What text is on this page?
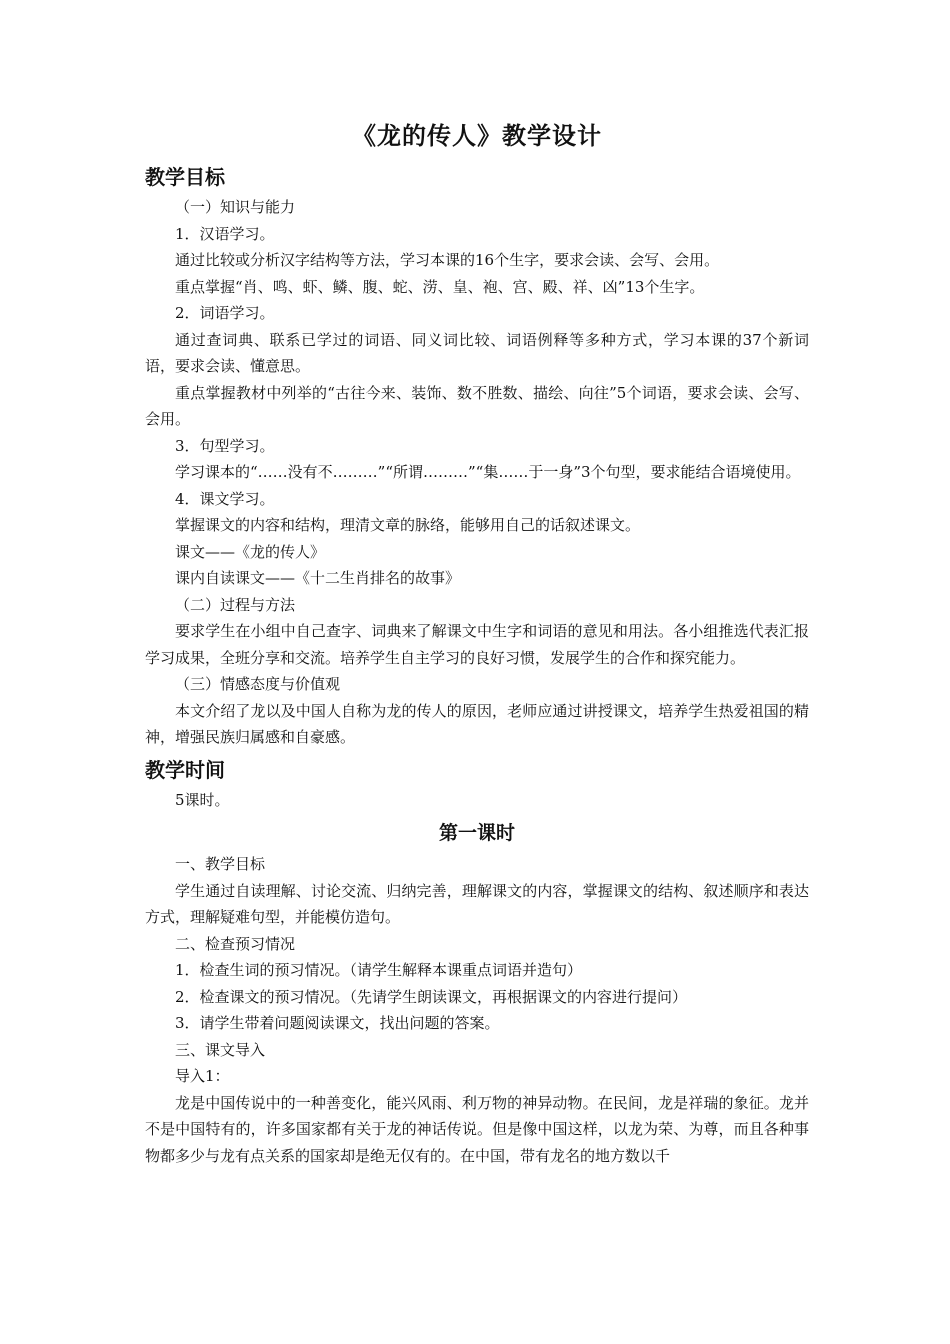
《龙的传人》教学设计
教学目标

（一）知识与能力

1．汉语学习。

通过比较或分析汉字结构等方法，学习本课的16个生字，要求会读、会写、会用。

重点掌握“肖、鸣、虾、鳞、腹、蛇、涝、皇、袍、宫、殿、祥、凶”13个生字。

2．词语学习。

通过查词典、联系已学过的词语、同义词比较、词语例释等多种方式，学习本课的37个新词语，要求会读、懂意思。

重点掌握教材中列举的“古往今来、装饰、数不胜数、描绘、向往”5个词语，要求会读、会写、会用。

3．句型学习。

学习课本的“……没有不………”“所谓………”“集……于一身”3个句型，要求能结合语境使用。

4．课文学习。

掌握课文的内容和结构，理清文章的脉络，能够用自己的话叙述课文。

课文——《龙的传人》

课内自读课文——《十二生肖排名的故事》

（二）过程与方法

要求学生在小组中自己查字、词典来了解课文中生字和词语的意见和用法。各小组推选代表汇报学习成果，全班分享和交流。培养学生自主学习的良好习惯，发展学生的合作和探究能力。

（三）情感态度与价值观

本文介绍了龙以及中国人自称为龙的传人的原因，老师应通过讲授课文，培养学生热爱祖国的精神，增强民族归属感和自豪感。

教学时间

5课时。

第一课时

一、教学目标

学生通过自读理解、讨论交流、归纳完善，理解课文的内容，掌握课文的结构、叙述顺序和表达方式，理解疑难句型，并能模仿造句。

二、检查预习情况

1．检查生词的预习情况。（请学生解释本课重点词语并造句）

2．检查课文的预习情况。（先请学生朗读课文，再根据课文的内容进行提问）

3．请学生带着问题阅读课文，找出问题的答案。

三、课文导入

导入1：

龙是中国传说中的一种善变化，能兴风雨、利万物的神异动物。在民间，龙是祥瑞的象征。龙并不是中国特有的，许多国家都有关于龙的神话传说。但是像中国这样，以龙为荣、为尊，而且各种事物都多少与龙有点关系的国家却是绝无仅有的。在中国，带有龙名的地方数以千
